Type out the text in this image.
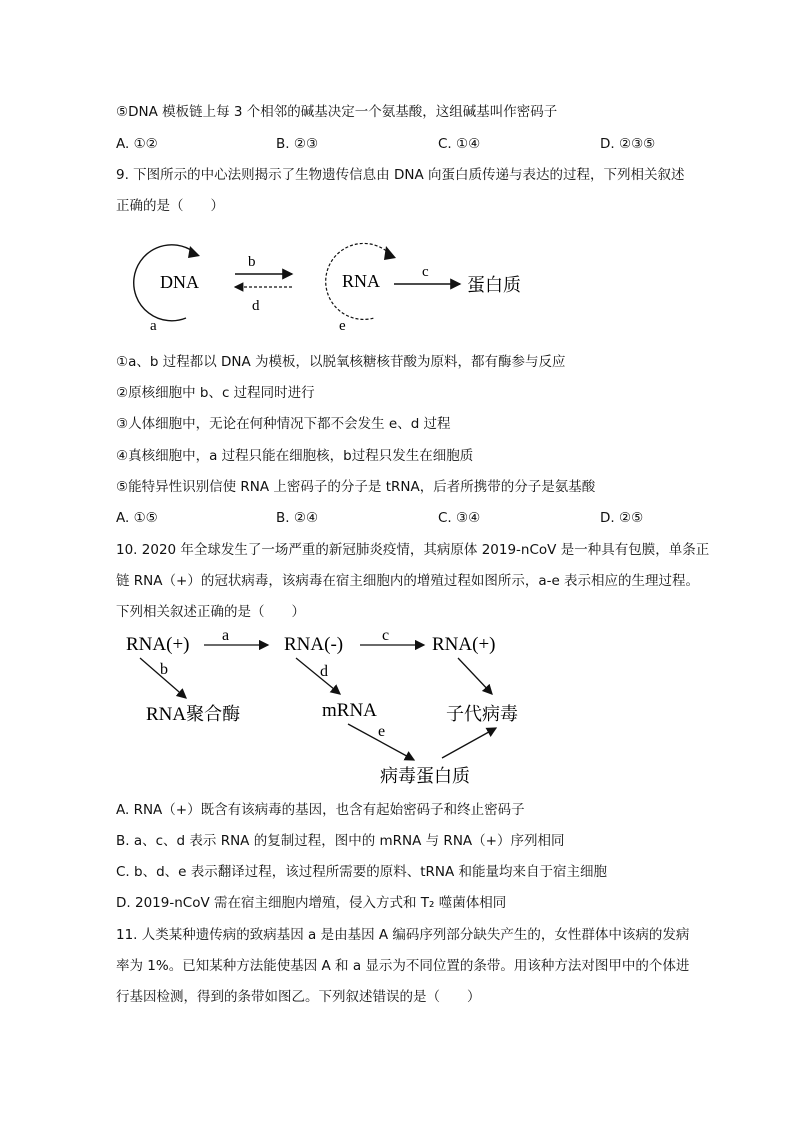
⑤DNA 模板链上每 3 个相邻的碱基决定一个氨基酸，这组碱基叫作密码子
A. ①②	B. ②③	C. ①④	D. ②③⑤
9. 下图所示的中心法则揭示了生物遗传信息由 DNA 向蛋白质传递与表达的过程，下列相关叙述
正确的是（　　）
DNA
a
b
d
RNA
e
c
蛋白质
①a、b 过程都以 DNA 为模板，以脱氧核糖核苷酸为原料，都有酶参与反应
②原核细胞中 b、c 过程同时进行
③人体细胞中，无论在何种情况下都不会发生 e、d 过程
④真核细胞中，a 过程只能在细胞核，b过程只发生在细胞质
⑤能特异性识别信使 RNA 上密码子的分子是 tRNA，后者所携带的分子是氨基酸
A. ①⑤	B. ②④	C. ③④	D. ②⑤
10. 2020 年全球发生了一场严重的新冠肺炎疫情，其病原体 2019-nCoV 是一种具有包膜，单条正
链 RNA（+）的冠状病毒，该病毒在宿主细胞内的增殖过程如图所示，a-e 表示相应的生理过程。
下列相关叙述正确的是（　　）
RNA(+) a	RNA(-) c RNA(+)
b
RNA聚合酶
d
mRNA	子代病毒
e
病毒蛋白质
A. RNA（+）既含有该病毒的基因，也含有起始密码子和终止密码子
B. a、c、d 表示 RNA 的复制过程，图中的 mRNA 与 RNA（+）序列相同
C. b、d、e 表示翻译过程，该过程所需要的原料、tRNA 和能量均来自于宿主细胞
D. 2019-nCoV 需在宿主细胞内增殖，侵入方式和 T₂ 噬菌体相同
11. 人类某种遗传病的致病基因 a 是由基因 A 编码序列部分缺失产生的，女性群体中该病的发病
率为 1%。已知某种方法能使基因 A 和 a 显示为不同位置的条带。用该种方法对图甲中的个体进
行基因检测，得到的条带如图乙。下列叙述错误的是（　　）
